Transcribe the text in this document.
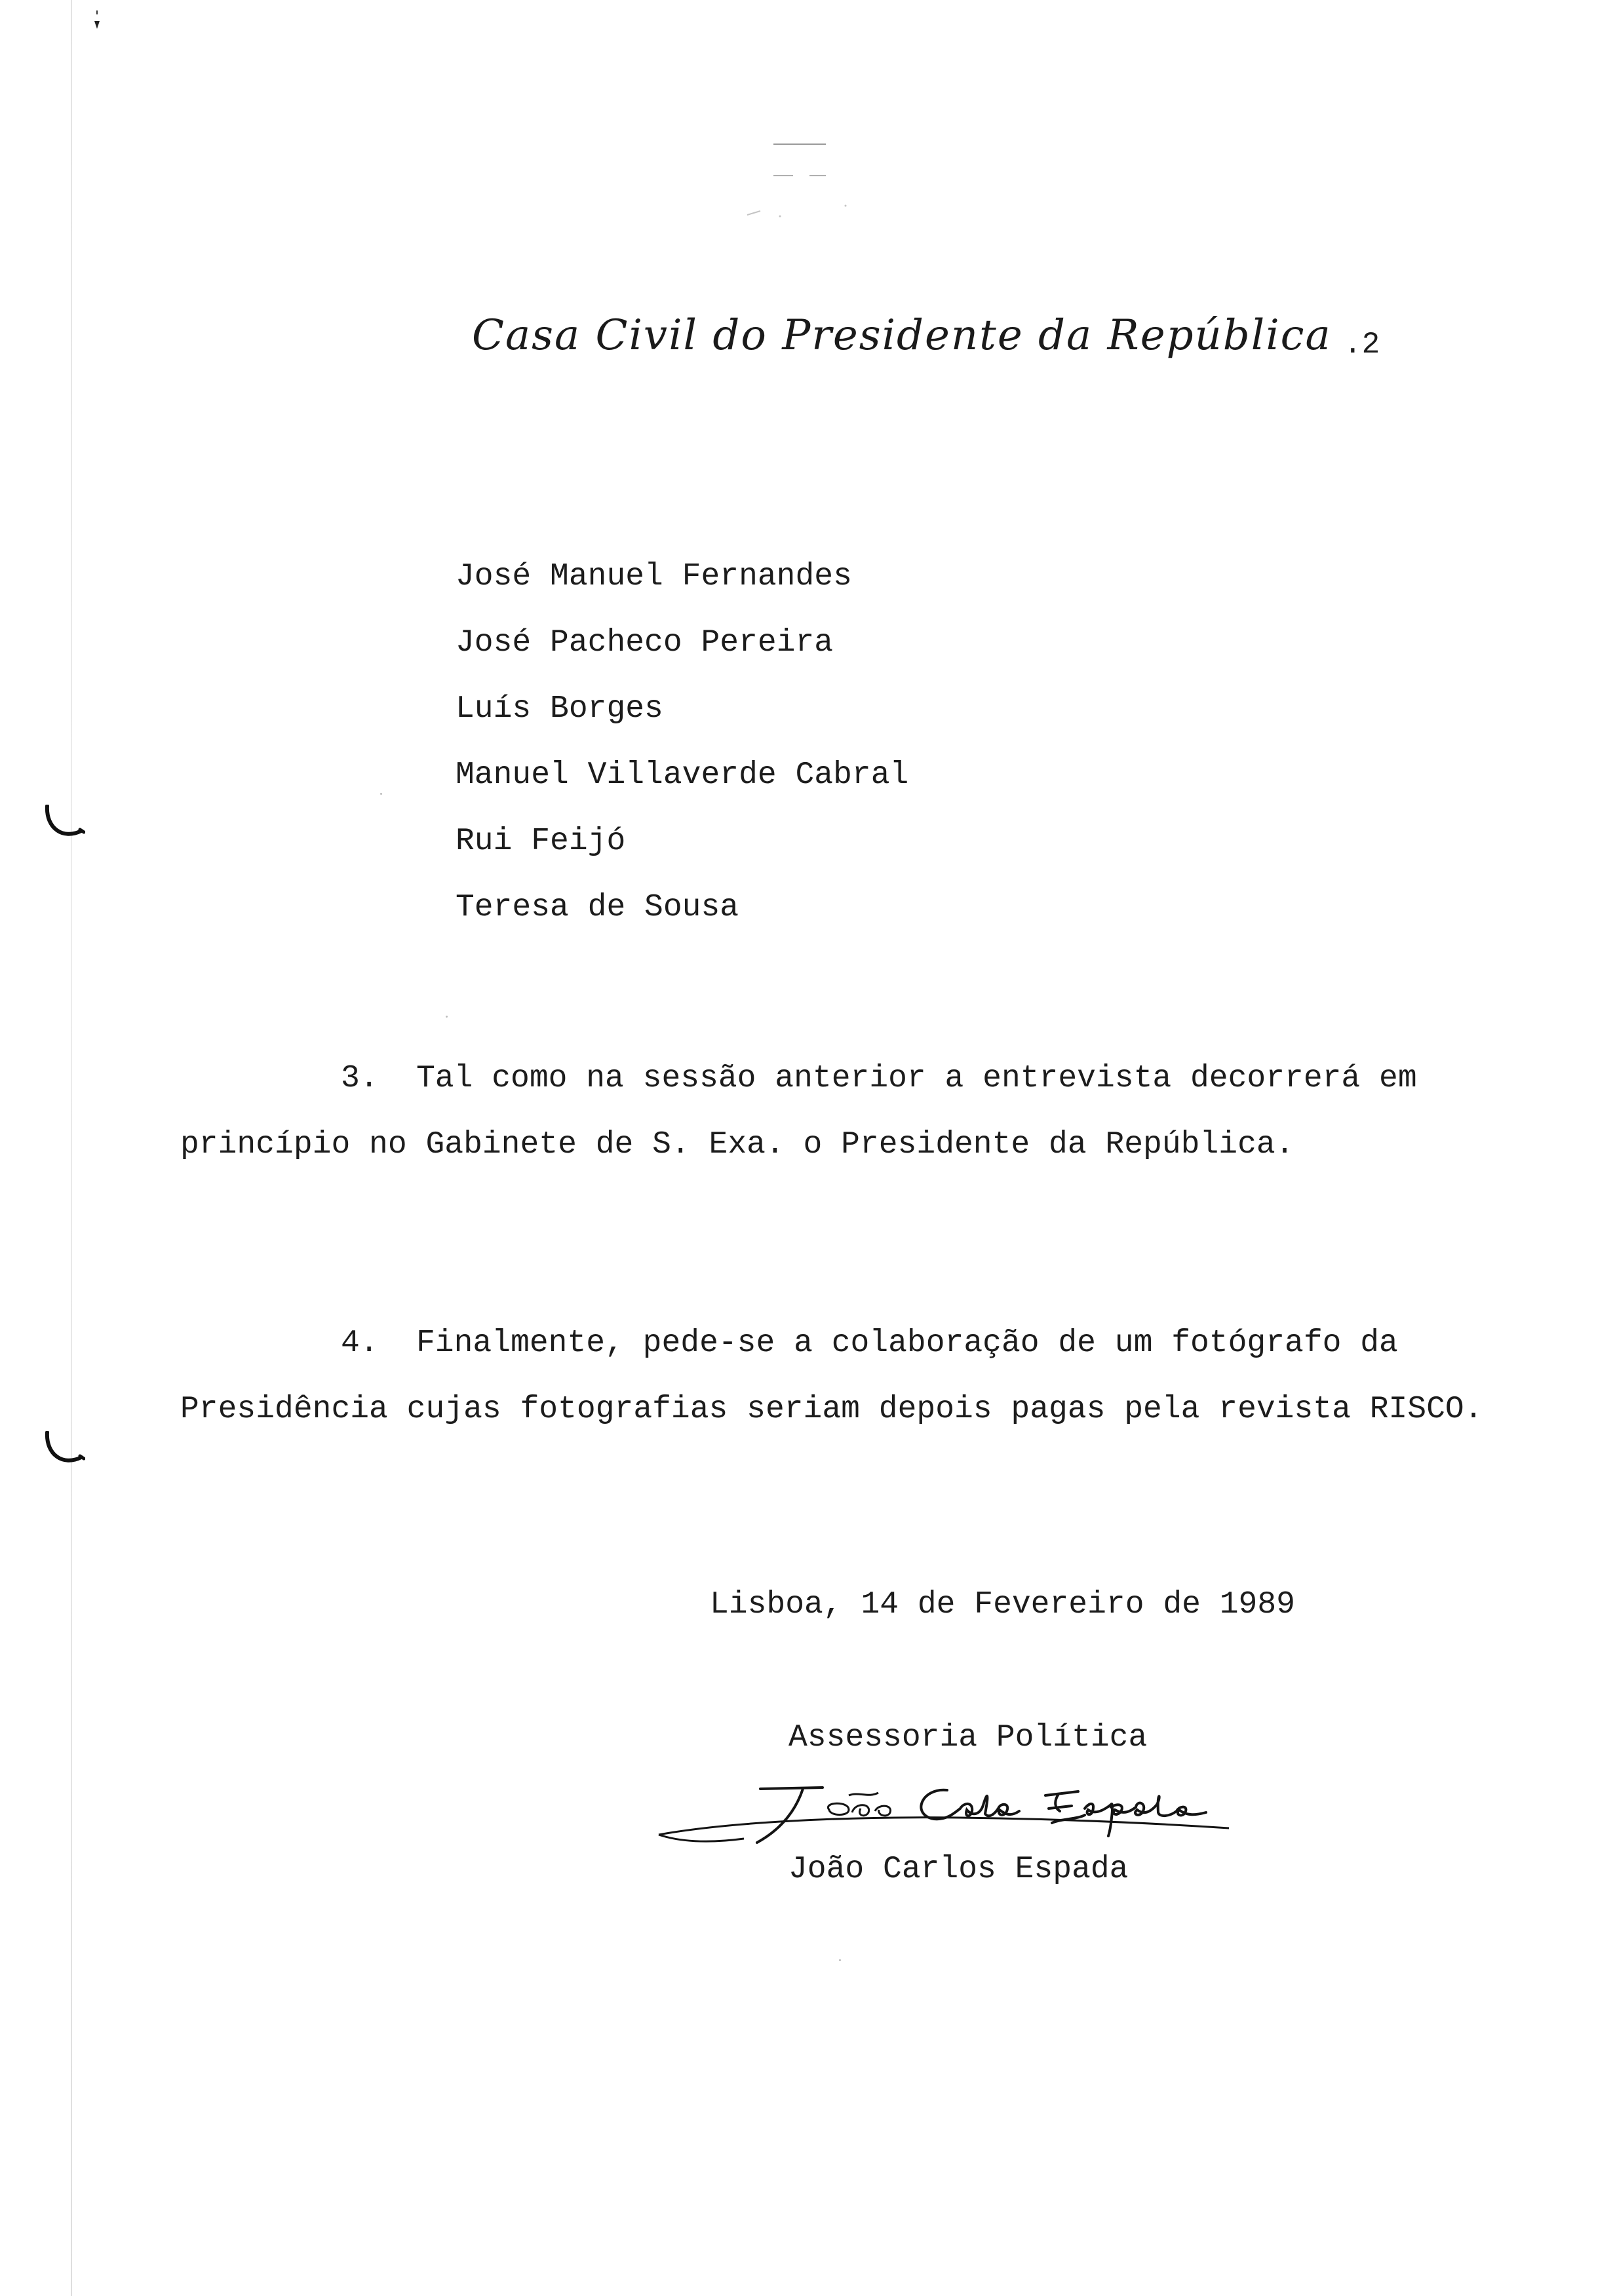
Casa Civil do Presidente da República .2
José Manuel Fernandes
José Pacheco Pereira
Luís Borges
Manuel Villaverde Cabral
Rui Feijó
Teresa de Sousa
3. Tal como na sessão anterior a entrevista decorrerá em
princípio no Gabinete de S. Exa. o Presidente da República.
4. Finalmente, pede-se a colaboração de um fotógrafo da
Presidência cujas fotografias seriam depois pagas pela revista RISCO.
Lisboa, 14 de Fevereiro de 1989
Assessoria Política
João Carlos Espada
